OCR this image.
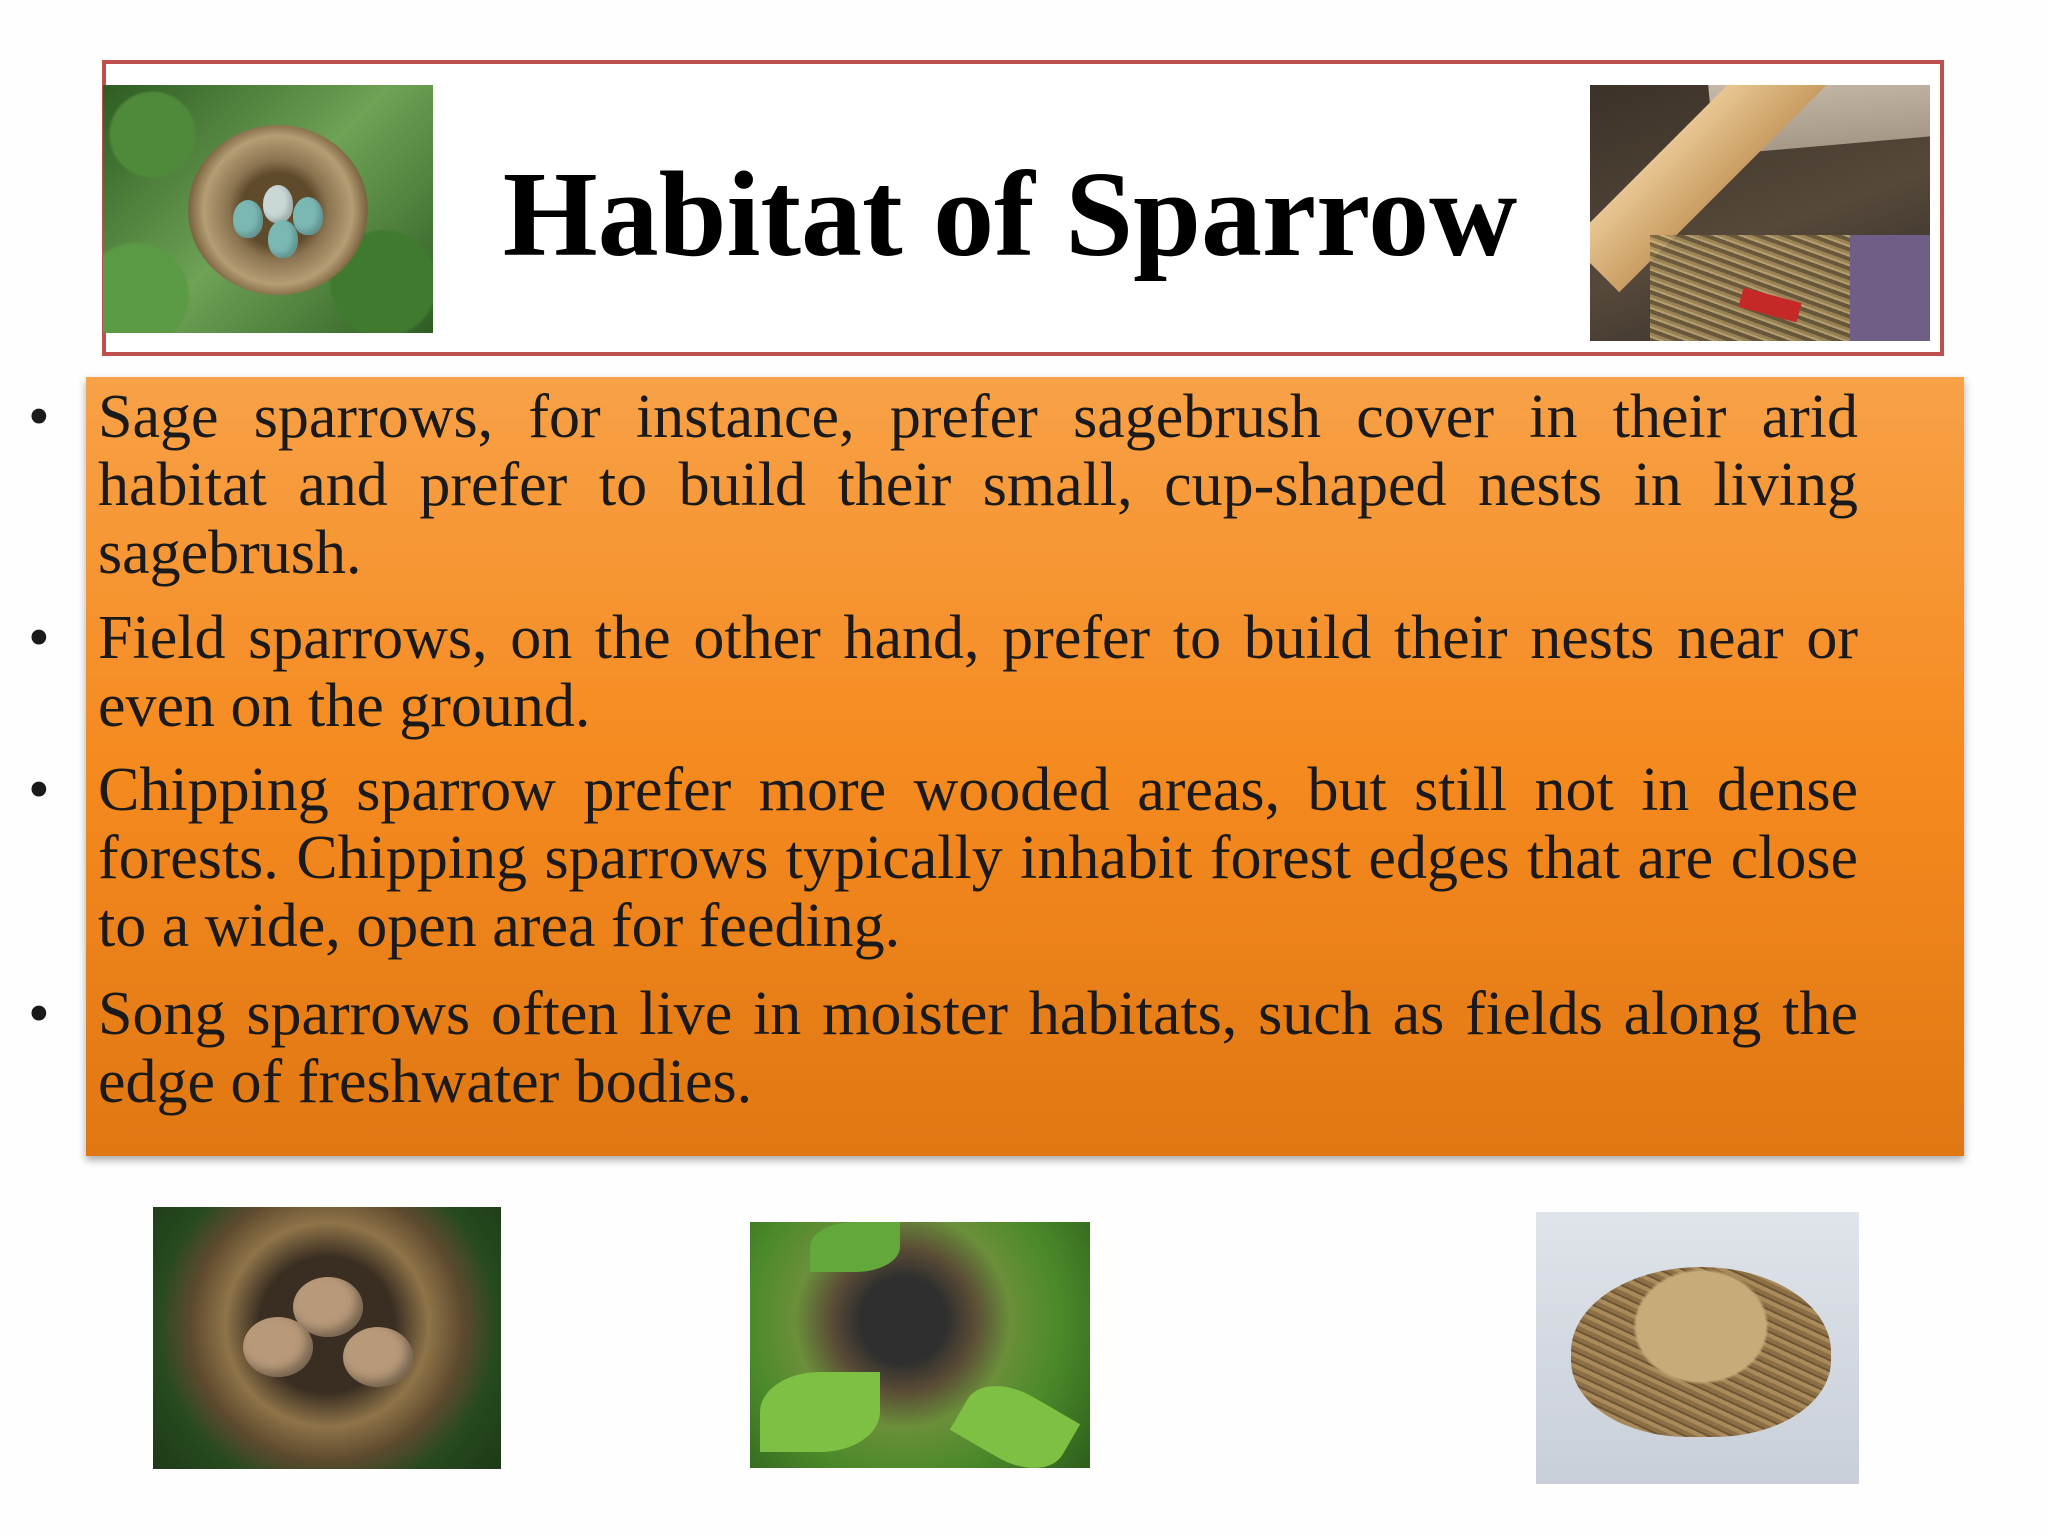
Habitat of Sparrow
• Sage sparrows, for instance, prefer sagebrush cover in their arid habitat and prefer to build their small, cup-shaped nests in living sagebrush.
• Field sparrows, on the other hand, prefer to build their nests near or even on the ground.
• Chipping sparrow prefer more wooded areas, but still not in dense forests. Chipping sparrows typically inhabit forest edges that are close to a wide, open area for feeding.
• Song sparrows often live in moister habitats, such as fields along the edge of freshwater bodies.
